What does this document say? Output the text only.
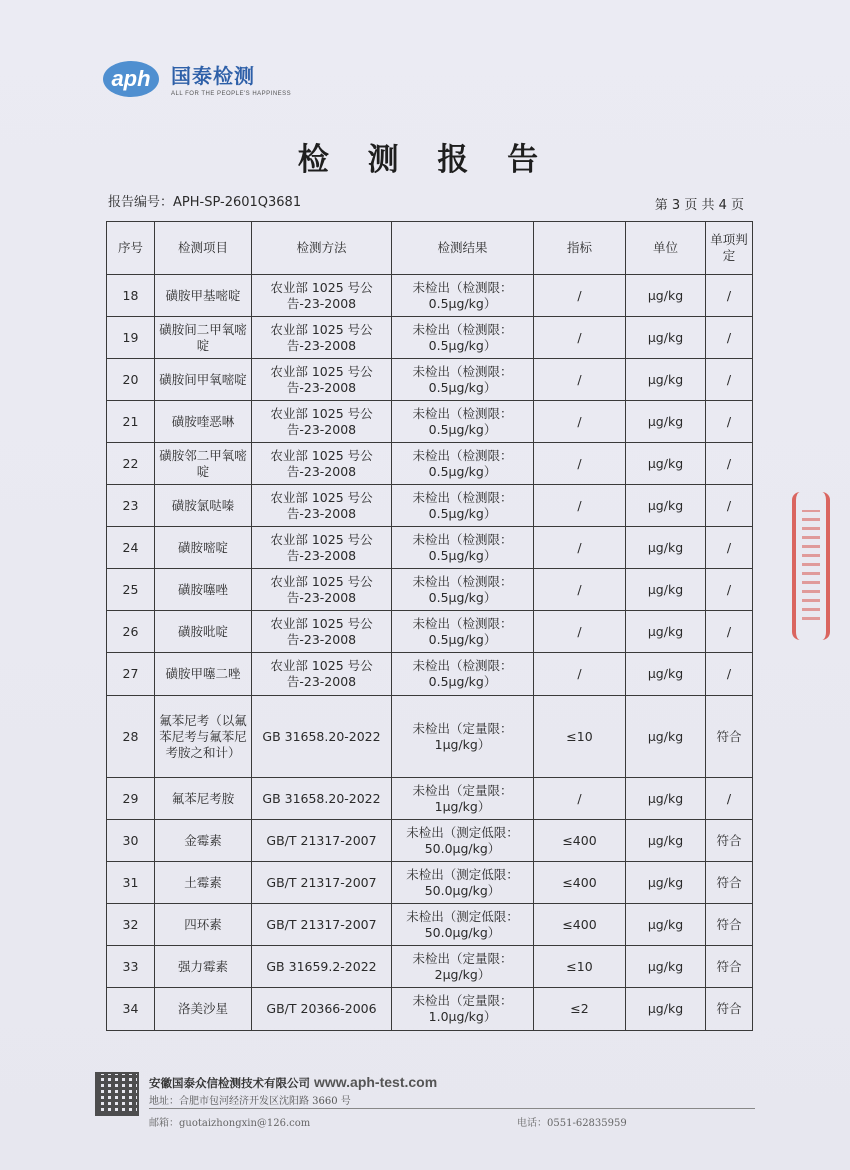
aph	国泰检测
ALL FOR THE PEOPLE'S HAPPINESS
检 测 报 告
报告编号：APH-SP-2601Q3681	第 3 页 共 4 页
序号	检测项目	检测方法	检测结果	指标	单位	单项判定
18	磺胺甲基嘧啶	农业部 1025 号公告-23-2008	未检出（检测限：0.5μg/kg）	/	μg/kg	/
19	磺胺间二甲氧嘧啶	农业部 1025 号公告-23-2008	未检出（检测限：0.5μg/kg）	/	μg/kg	/
20	磺胺间甲氧嘧啶	农业部 1025 号公告-23-2008	未检出（检测限：0.5μg/kg）	/	μg/kg	/
21	磺胺喹恶啉	农业部 1025 号公告-23-2008	未检出（检测限：0.5μg/kg）	/	μg/kg	/
22	磺胺邻二甲氧嘧啶	农业部 1025 号公告-23-2008	未检出（检测限：0.5μg/kg）	/	μg/kg	/
23	磺胺氯哒嗪	农业部 1025 号公告-23-2008	未检出（检测限：0.5μg/kg）	/	μg/kg	/
24	磺胺嘧啶	农业部 1025 号公告-23-2008	未检出（检测限：0.5μg/kg）	/	μg/kg	/
25	磺胺噻唑	农业部 1025 号公告-23-2008	未检出（检测限：0.5μg/kg）	/	μg/kg	/
26	磺胺吡啶	农业部 1025 号公告-23-2008	未检出（检测限：0.5μg/kg）	/	μg/kg	/
27	磺胺甲噻二唑	农业部 1025 号公告-23-2008	未检出（检测限：0.5μg/kg）	/	μg/kg	/
28	氟苯尼考（以氟苯尼考与氟苯尼考胺之和计）	GB 31658.20-2022	未检出（定量限：1μg/kg）	≤10	μg/kg	符合
29	氟苯尼考胺	GB 31658.20-2022	未检出（定量限：1μg/kg）	/	μg/kg	/
30	金霉素	GB/T 21317-2007	未检出（测定低限：50.0μg/kg）	≤400	μg/kg	符合
31	土霉素	GB/T 21317-2007	未检出（测定低限：50.0μg/kg）	≤400	μg/kg	符合
32	四环素	GB/T 21317-2007	未检出（测定低限：50.0μg/kg）	≤400	μg/kg	符合
33	强力霉素	GB 31659.2-2022	未检出（定量限：2μg/kg）	≤10	μg/kg	符合
34	洛美沙星	GB/T 20366-2006	未检出（定量限：1.0μg/kg）	≤2	μg/kg	符合
安徽国泰众信检测技术有限公司 www.aph-test.com
地址：合肥市包河经济开发区沈阳路 3660 号
邮箱：guotaizhongxin@126.com	电话：0551-62835959
